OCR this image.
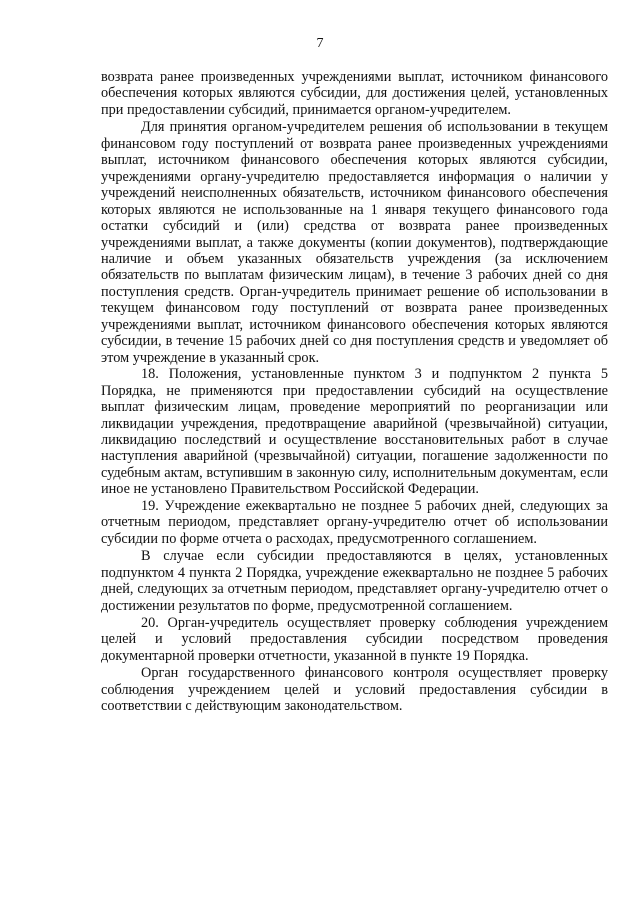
7

возврата ранее произведенных учреждениями выплат, источником финансового обеспечения которых являются субсидии, для достижения целей, установленных при предоставлении субсидий, принимается органом-учредителем.

Для принятия органом-учредителем решения об использовании в текущем финансовом году поступлений от возврата ранее произведенных учреждениями выплат, источником финансового обеспечения которых являются субсидии, учреждениями органу-учредителю предоставляется информация о наличии у учреждений неисполненных обязательств, источником финансового обеспечения которых являются не использованные на 1 января текущего финансового года остатки субсидий и (или) средства от возврата ранее произведенных учреждениями выплат, а также документы (копии документов), подтверждающие наличие и объем указанных обязательств учреждения (за исключением обязательств по выплатам физическим лицам), в течение 3 рабочих дней со дня поступления средств. Орган-учредитель принимает решение об использовании в текущем финансовом году поступлений от возврата ранее произведенных учреждениями выплат, источником финансового обеспечения которых являются субсидии, в течение 15 рабочих дней со дня поступления средств и уведомляет об этом учреждение в указанный срок.

18. Положения, установленные пунктом 3 и подпунктом 2 пункта 5 Порядка, не применяются при предоставлении субсидий на осуществление выплат физическим лицам, проведение мероприятий по реорганизации или ликвидации учреждения, предотвращение аварийной (чрезвычайной) ситуации, ликвидацию последствий и осуществление восстановительных работ в случае наступления аварийной (чрезвычайной) ситуации, погашение задолженности по судебным актам, вступившим в законную силу, исполнительным документам, если иное не установлено Правительством Российской Федерации.

19. Учреждение ежеквартально не позднее 5 рабочих дней, следующих за отчетным периодом, представляет органу-учредителю отчет об использовании субсидии по форме отчета о расходах, предусмотренного соглашением.

В случае если субсидии предоставляются в целях, установленных подпунктом 4 пункта 2 Порядка, учреждение ежеквартально не позднее 5 рабочих дней, следующих за отчетным периодом, представляет органу-учредителю отчет о достижении результатов по форме, предусмотренной соглашением.

20. Орган-учредитель осуществляет проверку соблюдения учреждением целей и условий предоставления субсидии посредством проведения документарной проверки отчетности, указанной в пункте 19 Порядка.

Орган государственного финансового контроля осуществляет проверку соблюдения учреждением целей и условий предоставления субсидии в соответствии с действующим законодательством.
